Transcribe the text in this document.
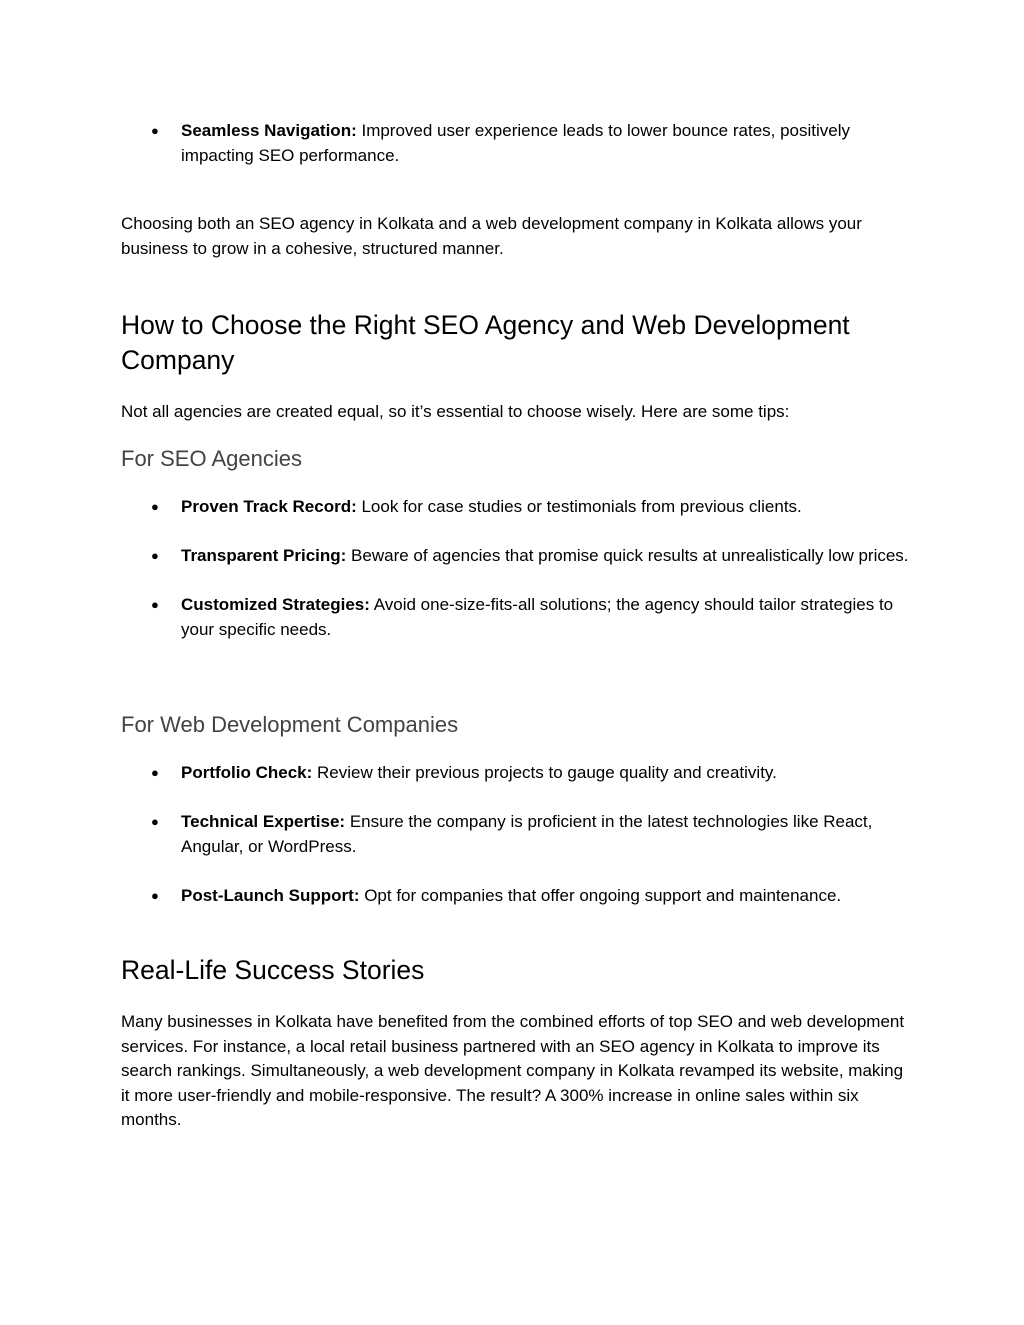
● Seamless Navigation: Improved user experience leads to lower bounce rates, positively impacting SEO performance.

Choosing both an SEO agency in Kolkata and a web development company in Kolkata allows your business to grow in a cohesive, structured manner.

How to Choose the Right SEO Agency and Web Development Company

Not all agencies are created equal, so it’s essential to choose wisely. Here are some tips:

For SEO Agencies
● Proven Track Record: Look for case studies or testimonials from previous clients.
● Transparent Pricing: Beware of agencies that promise quick results at unrealistically low prices.
● Customized Strategies: Avoid one-size-fits-all solutions; the agency should tailor strategies to your specific needs.
For Web Development Companies
● Portfolio Check: Review their previous projects to gauge quality and creativity.
● Technical Expertise: Ensure the company is proficient in the latest technologies like React, Angular, or WordPress.
● Post-Launch Support: Opt for companies that offer ongoing support and maintenance.
Real-Life Success Stories

Many businesses in Kolkata have benefited from the combined efforts of top SEO and web development services. For instance, a local retail business partnered with an SEO agency in Kolkata to improve its search rankings. Simultaneously, a web development company in Kolkata revamped its website, making it more user-friendly and mobile-responsive. The result? A 300% increase in online sales within six months.
